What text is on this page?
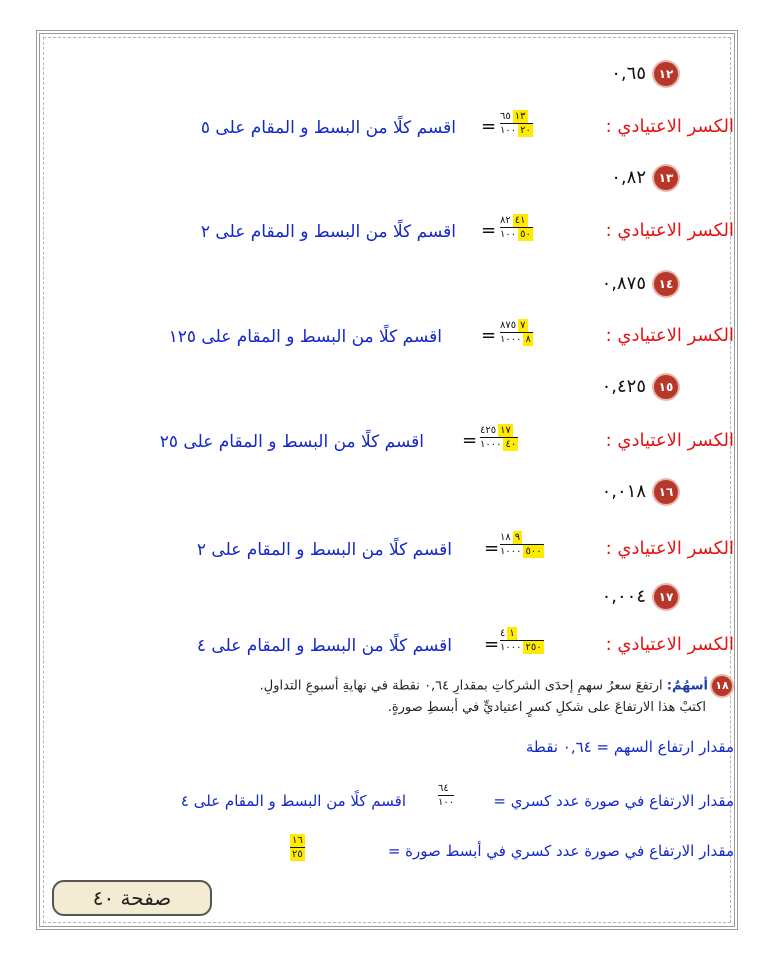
١٢٠,٦٥
الكسر الاعتيادي :
= ٦٥ ١٣
١٠٠ ٢٠
اقسم كلًا من البسط و المقام على ٥
١٣٠,٨٢
الكسر الاعتيادي :
= ٨٢ ٤١
١٠٠ ٥٠
اقسم كلًا من البسط و المقام على ٢
١٤٠,٨٧٥
الكسر الاعتيادي :
= ٨٧٥ ٧
١٠٠٠ ٨
اقسم كلًا من البسط و المقام على ١٢٥
١٥٠,٤٢٥
الكسر الاعتيادي :
= ٤٢٥ ١٧
١٠٠٠ ٤٠
اقسم كلًا من البسط و المقام على ٢٥
١٦٠,٠١٨
الكسر الاعتيادي :
=
١٨ ٩
١٠٠٠ ٥٠٠
اقسم كلًا من البسط و المقام على ٢
١٧٠,٠٠٤
الكسر الاعتيادي :
=
٤ ١
١٠٠٠ ٢٥٠
اقسم كلًا من البسط و المقام على ٤
١٨أسهُمٌ: ارتفعَ سعرُ سهمِ إحدَى الشركاتِ بمقدارِ ٠,٦٤ نقطة في نهايةِ أسبوعِ التداولِ.
اكتبْ هذا الارتفاعَ على شكلِ كسرٍ اعتياديٍّ في أبسطِ صورةٍ.
مقدار ارتفاع السهم = ٠,٦٤ نقطة
مقدار الارتفاع في صورة عدد كسري =
٦٤
١٠٠
اقسم كلًا من البسط و المقام على ٤
مقدار الارتفاع في صورة عدد كسري في أبسط صورة =
١٦
٢٥
صفحة ٤٠
